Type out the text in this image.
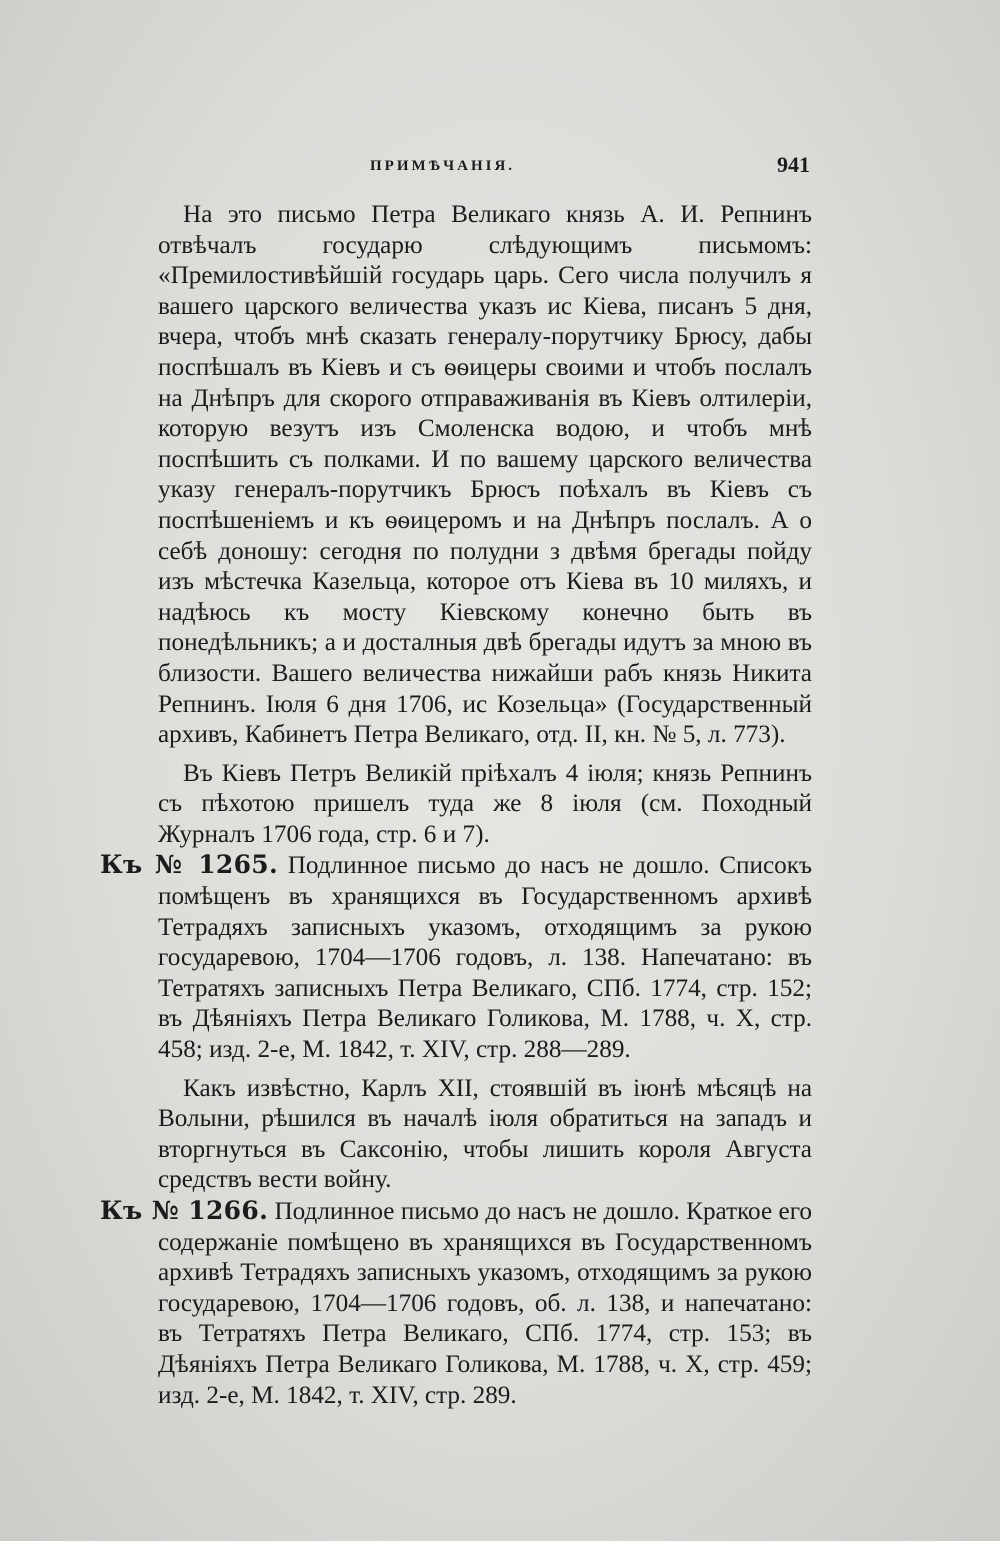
ПРИМѢЧАНІЯ.	941

На это письмо Петра Великаго князь А. И. Репнинъ отвѣчалъ государю слѣдующимъ письмомъ: «Премилостивѣйшій государь царь. Сего числа получилъ я вашего царского величества указъ ис Кіева, писанъ 5 дня, вчера, чтобъ мнѣ сказать генералу-порутчику Брюсу, дабы поспѣшалъ въ Кіевъ и съ ѳѳицеры своими и чтобъ послалъ на Днѣпръ для скорого отправаживанія въ Кіевъ олтилеріи, которую везутъ изъ Смоленска водою, и чтобъ мнѣ поспѣшить съ полками. И по вашему царского величества указу генералъ-порутчикъ Брюсъ поѣхалъ въ Кіевъ съ поспѣшеніемъ и къ ѳѳицеромъ и на Днѣпръ послалъ. А о себѣ доношу: сегодня по полудни з двѣмя брегады пойду изъ мѣстечка Казельца, которое отъ Кіева въ 10 миляхъ, и надѣюсь къ мосту Кіевскому конечно быть въ понедѣльникъ; а и досталныя двѣ брегады идутъ за мною въ близости. Вашего величества нижайши рабъ князь Никита Репнинъ. Іюля 6 дня 1706, ис Козельца» (Государственный архивъ, Кабинетъ Петра Великаго, отд. II, кн. № 5, л. 773).

Въ Кіевъ Петръ Великій пріѣхалъ 4 іюля; князь Репнинъ съ пѣхотою пришелъ туда же 8 іюля (см. Походный Журналъ 1706 года, стр. 6 и 7).

Къ № 1265. Подлинное письмо до насъ не дошло. Списокъ помѣщенъ въ хранящихся въ Государственномъ архивѣ Тетрадяхъ записныхъ указомъ, отходящимъ за рукою государевою, 1704—1706 годовъ, л. 138. Напечатано: въ Тетратяхъ записныхъ Петра Великаго, СПб. 1774, стр. 152; въ Дѣяніяхъ Петра Великаго Голикова, М. 1788, ч. X, стр. 458; изд. 2-е, М. 1842, т. XIV, стр. 288—289.

Какъ извѣстно, Карлъ XII, стоявшій въ іюнѣ мѣсяцѣ на Волыни, рѣшился въ началѣ іюля обратиться на западъ и вторгнуться въ Саксонію, чтобы лишить короля Августа средствъ вести войну.

Къ № 1266. Подлинное письмо до насъ не дошло. Краткое его содержаніе помѣщено въ хранящихся въ Государственномъ архивѣ Тетрадяхъ записныхъ указомъ, отходящимъ за рукою государевою, 1704—1706 годовъ, об. л. 138, и напечатано: въ Тетратяхъ Петра Великаго, СПб. 1774, стр. 153; въ Дѣяніяхъ Петра Великаго Голикова, М. 1788, ч. X, стр. 459; изд. 2-е, М. 1842, т. XIV, стр. 289.
